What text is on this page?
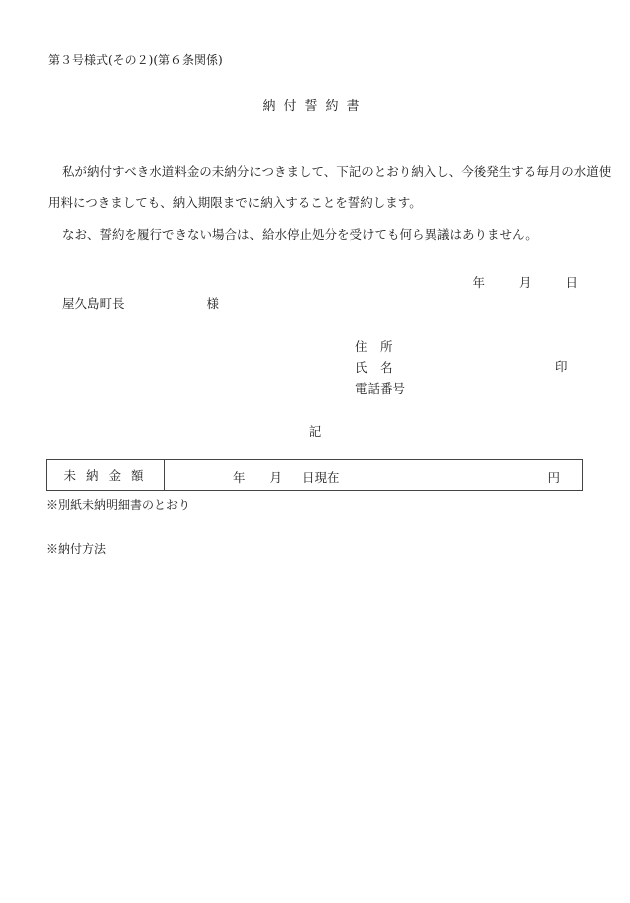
第３号様式(その２)(第６条関係)
納付誓約書
私が納付すべき水道料金の未納分につきまして、下記のとおり納入し、今後発生する毎月の水道使
用料につきましても、納入期限までに納入することを誓約します。
なお、誓約を履行できない場合は、給水停止処分を受けても何ら異議はありません。
年	月	日
屋久島町長	様
住　所
氏　名
電話番号
印
記
未納金額	年 月 日現在	円
※別紙未納明細書のとおり
※納付方法
